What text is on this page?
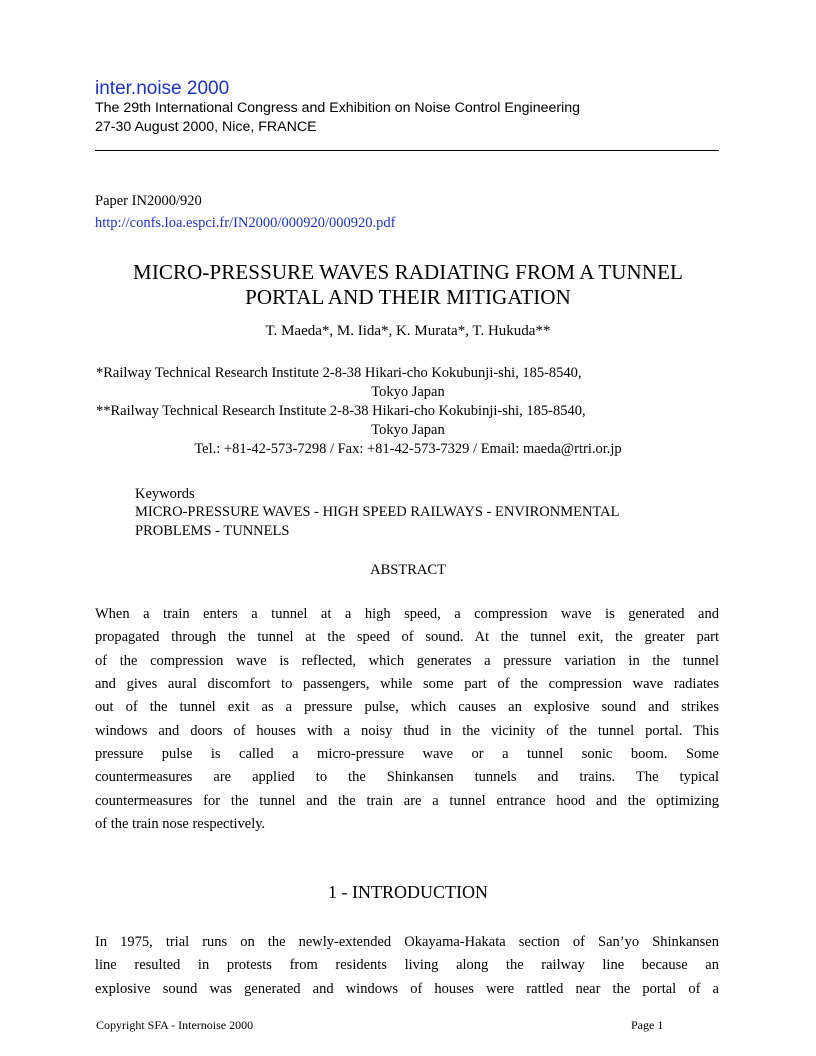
inter.noise 2000
The 29th International Congress and Exhibition on Noise Control Engineering
27-30 August 2000, Nice, FRANCE
Paper IN2000/920
http://confs.loa.espci.fr/IN2000/000920/000920.pdf
MICRO-PRESSURE WAVES RADIATING FROM A TUNNEL
PORTAL AND THEIR MITIGATION
T. Maeda*, M. Iida*, K. Murata*, T. Hukuda**
*Railway Technical Research Institute 2-8-38 Hikari-cho Kokubunji-shi, 185-8540,
Tokyo Japan
**Railway Technical Research Institute 2-8-38 Hikari-cho Kokubinji-shi, 185-8540,
Tokyo Japan
Tel.: +81-42-573-7298 / Fax: +81-42-573-7329 / Email: maeda@rtri.or.jp
Keywords
MICRO-PRESSURE WAVES - HIGH SPEED RAILWAYS - ENVIRONMENTAL
PROBLEMS - TUNNELS
ABSTRACT
When a train enters a tunnel at a high speed, a compression wave is generated and
propagated through the tunnel at the speed of sound. At the tunnel exit, the greater part
of the compression wave is reflected, which generates a pressure variation in the tunnel
and gives aural discomfort to passengers, while some part of the compression wave radiates
out of the tunnel exit as a pressure pulse, which causes an explosive sound and strikes
windows and doors of houses with a noisy thud in the vicinity of the tunnel portal. This
pressure pulse is called a micro-pressure wave or a tunnel sonic boom. Some
countermeasures are applied to the Shinkansen tunnels and trains. The typical
countermeasures for the tunnel and the train are a tunnel entrance hood and the optimizing
of the train nose respectively.
1 - INTRODUCTION
In 1975, trial runs on the newly-extended Okayama-Hakata section of San’yo Shinkansen
line resulted in protests from residents living along the railway line because an
explosive sound was generated and windows of houses were rattled near the portal of a
Copyright SFA - Internoise 2000	Page 1
